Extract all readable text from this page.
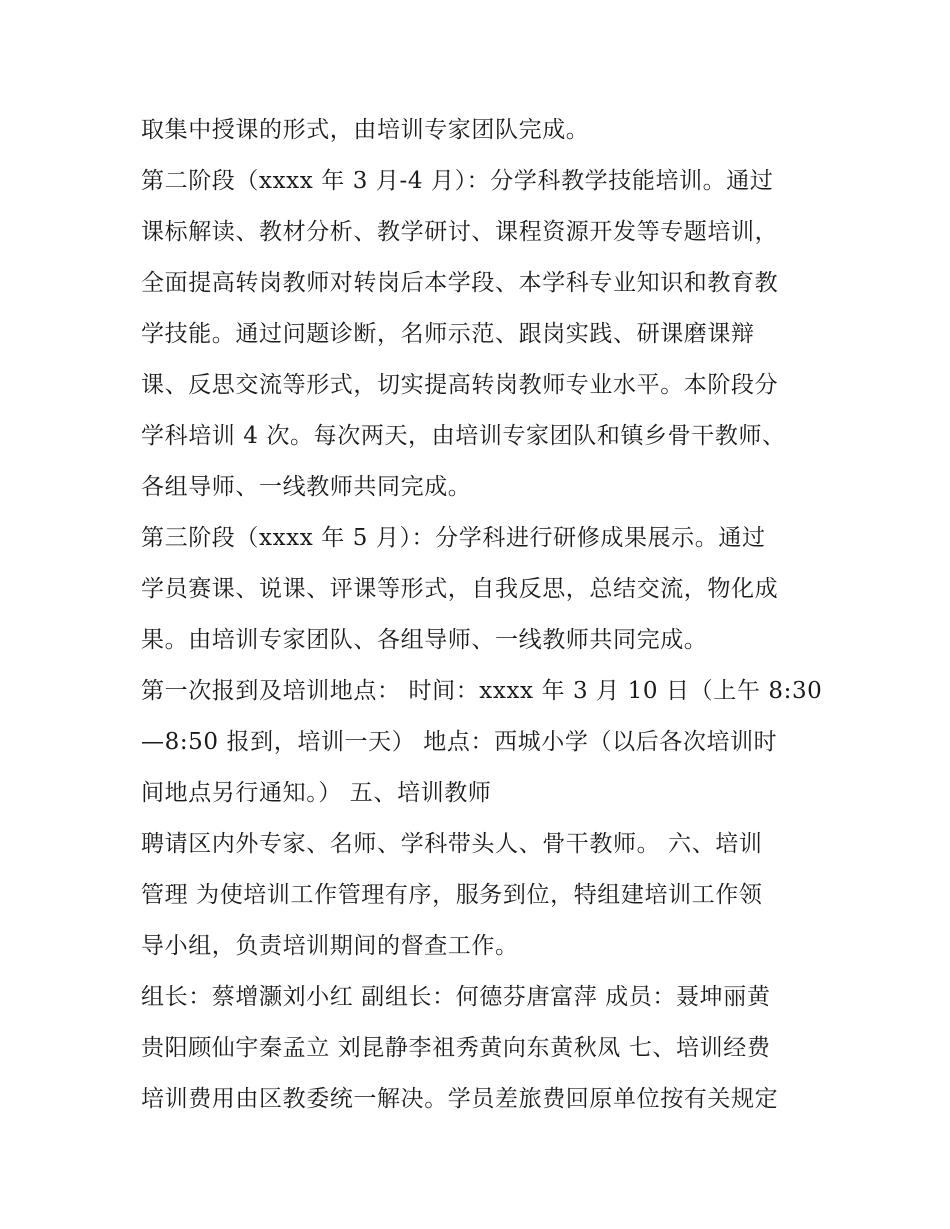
取集中授课的形式，由培训专家团队完成。
第二阶段（xxxx 年 3 月-4 月）：分学科教学技能培训。通过
课标解读、教材分析、教学研讨、课程资源开发等专题培训，
全面提高转岗教师对转岗后本学段、本学科专业知识和教育教
学技能。通过问题诊断，名师示范、跟岗实践、研课磨课辩
课、反思交流等形式，切实提高转岗教师专业水平。本阶段分
学科培训 4 次。每次两天，由培训专家团队和镇乡骨干教师、
各组导师、一线教师共同完成。
第三阶段（xxxx 年 5 月）：分学科进行研修成果展示。通过
学员赛课、说课、评课等形式，自我反思，总结交流，物化成
果。由培训专家团队、各组导师、一线教师共同完成。
第一次报到及培训地点： 时间：xxxx 年 3 月 10 日（上午 8:30
—8:50 报到，培训一天） 地点：西城小学（以后各次培训时
间地点另行通知。） 五、培训教师
聘请区内外专家、名师、学科带头人、骨干教师。 六、培训
管理 为使培训工作管理有序，服务到位，特组建培训工作领
导小组，负责培训期间的督查工作。
组长：蔡增灏刘小红 副组长：何德芬唐富萍 成员：聂坤丽黄
贵阳顾仙宇秦孟立 刘昆静李祖秀黄向东黄秋凤 七、培训经费
培训费用由区教委统一解决。学员差旅费回原单位按有关规定
